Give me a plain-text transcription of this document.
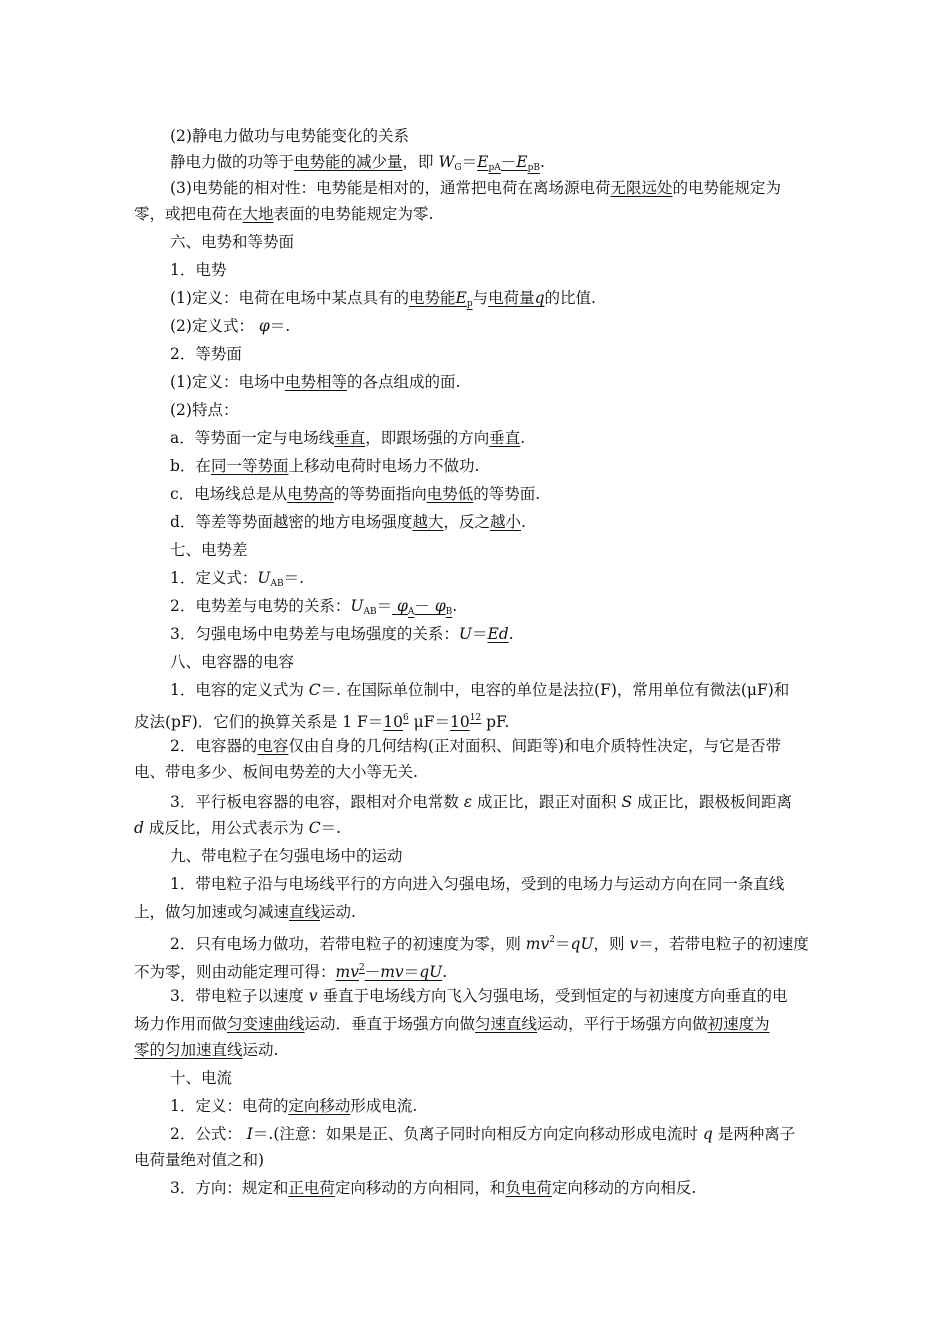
(2)静电力做功与电势能变化的关系
静电力做的功等于电势能的减少量，即 $W_G=E_{pA}-E_{pB}$.
(3)电势能的相对性：电势能是相对的，通常把电荷在离场源电荷无限远处的电势能规定为
零，或把电荷在大地表面的电势能规定为零.
六、电势和等势面
1．电势
(1)定义：电荷在电场中某点具有的电势能$E_p$与电荷量q的比值.
(2)定义式： φ＝.
2．等势面
(1)定义：电场中电势相等的各点组成的面.
(2)特点：
a．等势面一定与电场线垂直，即跟场强的方向垂直.
b．在同一等势面上移动电荷时电场力不做功.
c．电场线总是从电势高的等势面指向电势低的等势面.
d．等差等势面越密的地方电场强度越大，反之越小.
七、电势差
1．定义式：$U_{AB}=$.
2．电势差与电势的关系：$U_{AB}= \varphi_A- \varphi_B$.
3．匀强电场中电势差与电场强度的关系：U＝Ed.
八、电容器的电容
1．电容的定义式为 C＝. 在国际单位制中，电容的单位是法拉(F)，常用单位有微法(μF)和
皮法(pF)．它们的换算关系是 1 $F=10^6$ $\mu F=10^{12}$ pF.
2．电容器的电容仅由自身的几何结构(正对面积、间距等)和电介质特性决定，与它是否带
电、带电多少、板间电势差的大小等无关.
3．平行板电容器的电容，跟相对介电常数 ε 成正比，跟正对面积 S 成正比，跟极板间距离
d 成反比，用公式表示为 C＝.
九、带电粒子在匀强电场中的运动
1．带电粒子沿与电场线平行的方向进入匀强电场，受到的电场力与运动方向在同一条直线
上，做匀加速或匀减速直线运动.
2．只有电场力做功，若带电粒子的初速度为零，则 $mv^2=qU$，则 v＝，若带电粒子的初速度
不为零，则由动能定理可得：$mv^2-mv=qU$.
3．带电粒子以速度 v 垂直于电场线方向飞入匀强电场，受到恒定的与初速度方向垂直的电
场力作用而做匀变速曲线运动．垂直于场强方向做匀速直线运动，平行于场强方向做初速度为
零的匀加速直线运动.
十、电流
1．定义：电荷的定向移动形成电流.
2．公式： I＝.(注意：如果是正、负离子同时向相反方向定向移动形成电流时 q 是两种离子
电荷量绝对值之和)
3．方向：规定和正电荷定向移动的方向相同，和负电荷定向移动的方向相反.
